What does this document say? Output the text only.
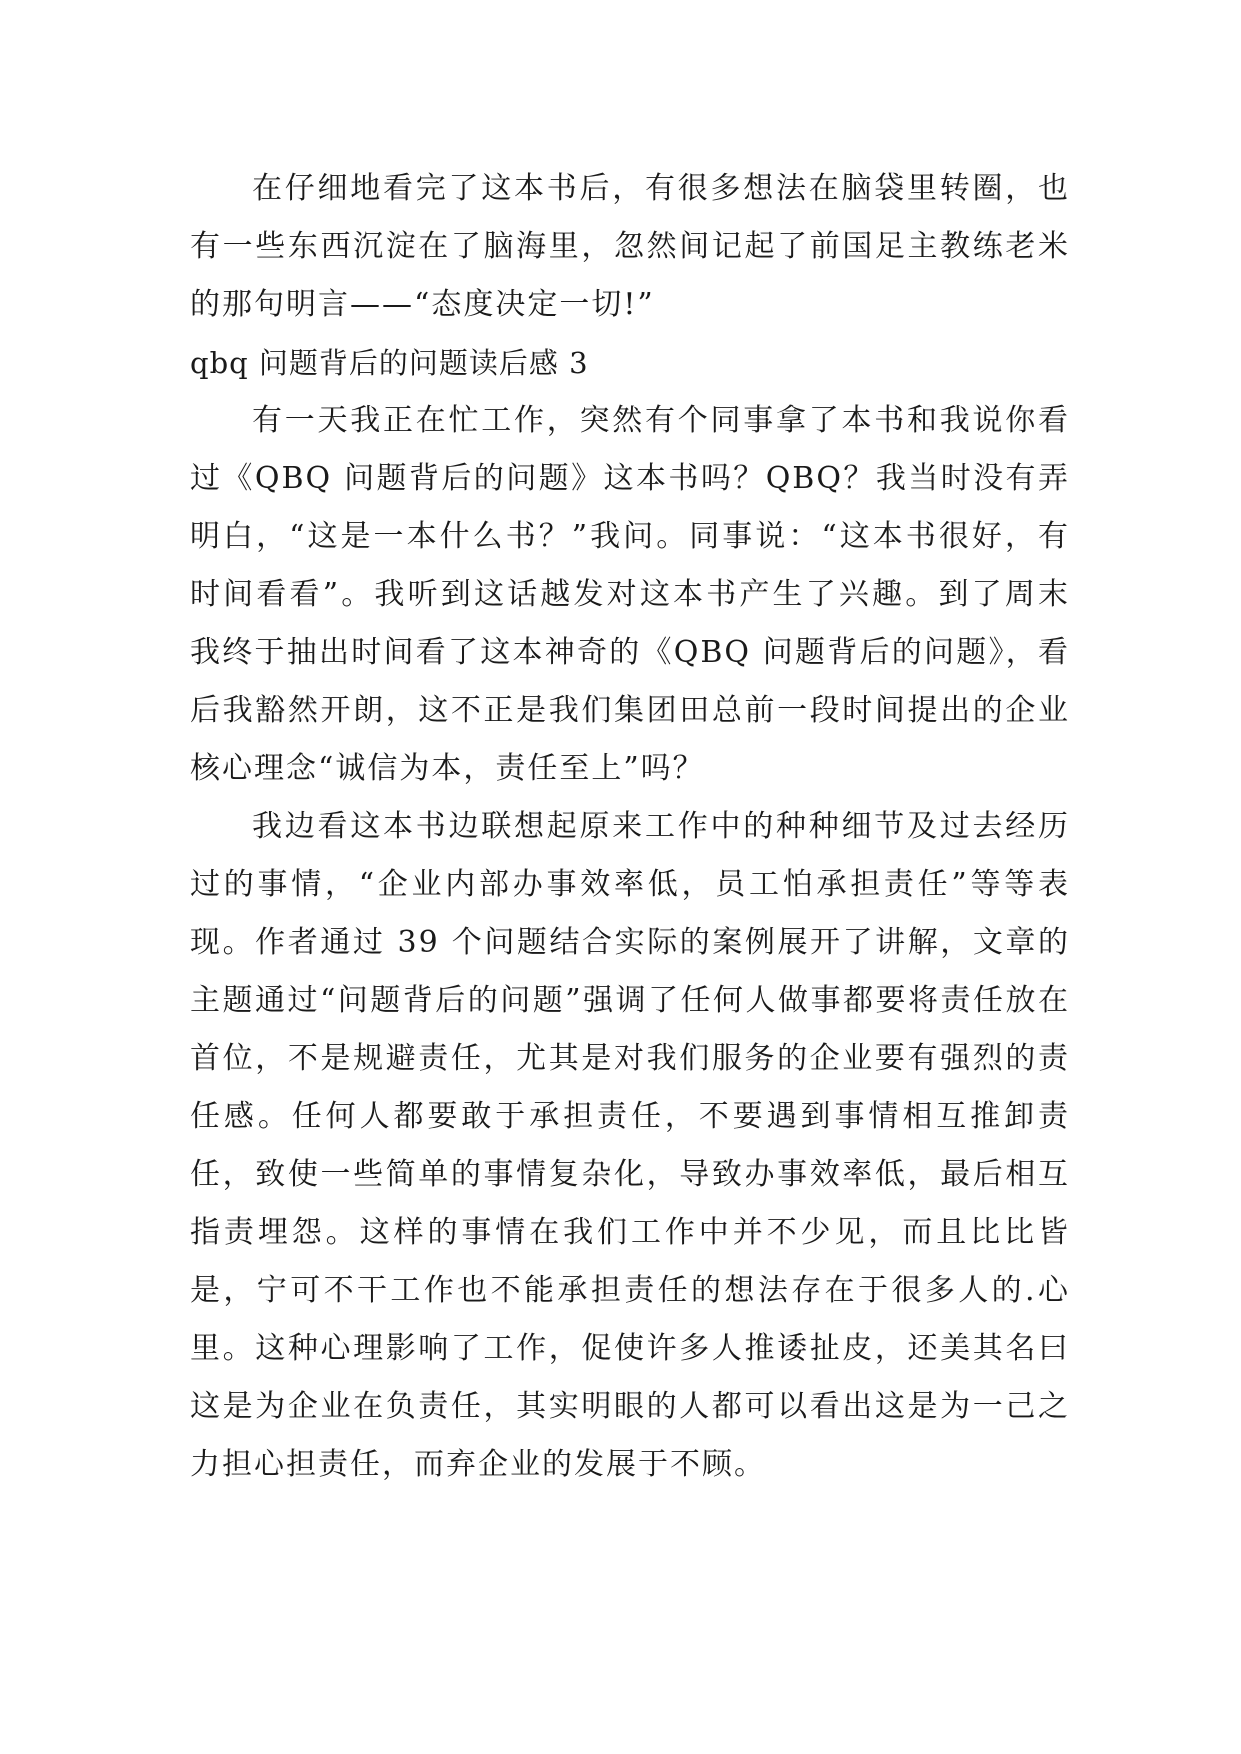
在仔细地看完了这本书后，有很多想法在脑袋里转圈，也有一些东西沉淀在了脑海里，忽然间记起了前国足主教练老米的那句明言——“态度决定一切!”

qbq 问题背后的问题读后感 3

有一天我正在忙工作，突然有个同事拿了本书和我说你看过《QBQ 问题背后的问题》这本书吗？QBQ？我当时没有弄明白，“这是一本什么书？”我问。同事说：“这本书很好，有时间看看”。我听到这话越发对这本书产生了兴趣。到了周末我终于抽出时间看了这本神奇的《QBQ 问题背后的问题》，看后我豁然开朗，这不正是我们集团田总前一段时间提出的企业核心理念“诚信为本，责任至上”吗？

我边看这本书边联想起原来工作中的种种细节及过去经历过的事情，“企业内部办事效率低，员工怕承担责任”等等表现。作者通过 39 个问题结合实际的案例展开了讲解，文章的主题通过“问题背后的问题”强调了任何人做事都要将责任放在首位，不是规避责任，尤其是对我们服务的企业要有强烈的责任感。任何人都要敢于承担责任，不要遇到事情相互推卸责任，致使一些简单的事情复杂化，导致办事效率低，最后相互指责埋怨。这样的事情在我们工作中并不少见，而且比比皆是，宁可不干工作也不能承担责任的想法存在于很多人的.心里。这种心理影响了工作，促使许多人推诿扯皮，还美其名曰这是为企业在负责任，其实明眼的人都可以看出这是为一己之力担心担责任，而弃企业的发展于不顾。
